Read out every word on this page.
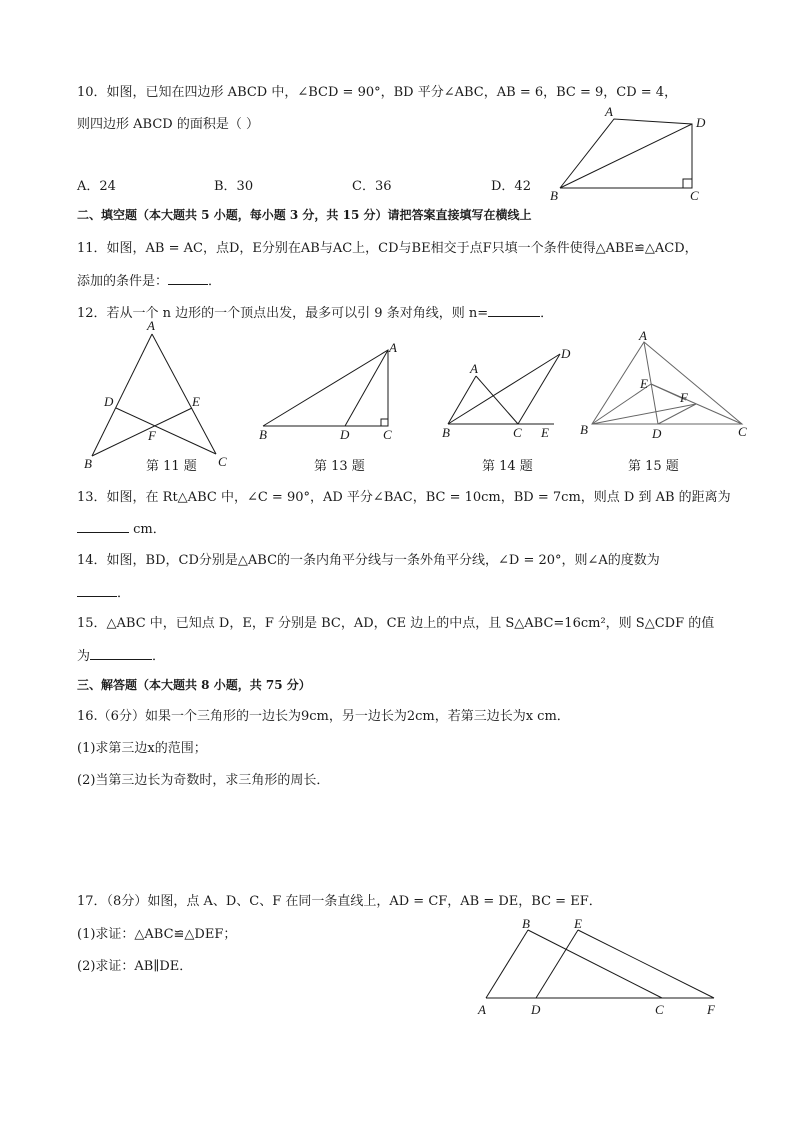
10．如图，已知在四边形 ABCD 中，∠BCD = 90°，BD 平分∠ABC，AB = 6，BC = 9，CD = 4，
则四边形 ABCD 的面积是（ ）
A．24	B．30	C．36	D．42
A
D
B	C
二、填空题（本大题共 5 小题，每小题 3 分，共 15 分）请把答案直接填写在横线上
11．如图，AB = AC，点D，E分别在AB与AC上，CD与BE相交于点F只填一个条件使得△ABE≌△ACD，
添加的条件是：	．
12．若从一个 n 边形的一个顶点出发，最多可以引 9 条对角线，则 n=	．
A
D	E
F
B	C
A
B	D	C
A
D
B	C E
A
E
F
B	D	C
第 11 题	第 13 题	第 14 题	第 15 题
13．如图，在 Rt△ABC 中，∠C = 90°，AD 平分∠BAC，BC = 10cm，BD = 7cm，则点 D 到 AB 的距离为
cm．
14．如图，BD，CD分别是△ABC的一条内角平分线与一条外角平分线，∠D = 20°，则∠A的度数为
．
15．△ABC 中，已知点 D，E，F 分别是 BC，AD，CE 边上的中点，且 S△ABC=16cm²，则 S△CDF 的值
为	．
三、解答题（本大题共 8 小题，共 75 分）
16.（6分）如果一个三角形的一边长为9cm，另一边长为2cm，若第三边长为x cm．
(1)求第三边x的范围；
(2)当第三边长为奇数时，求三角形的周长．
17．（8分）如图，点 A、D、C、F 在同一条直线上，AD = CF，AB = DE，BC = EF．
(1)求证：△ABC≌△DEF；
(2)求证：AB∥DE．
B	E
A	D	C	F
